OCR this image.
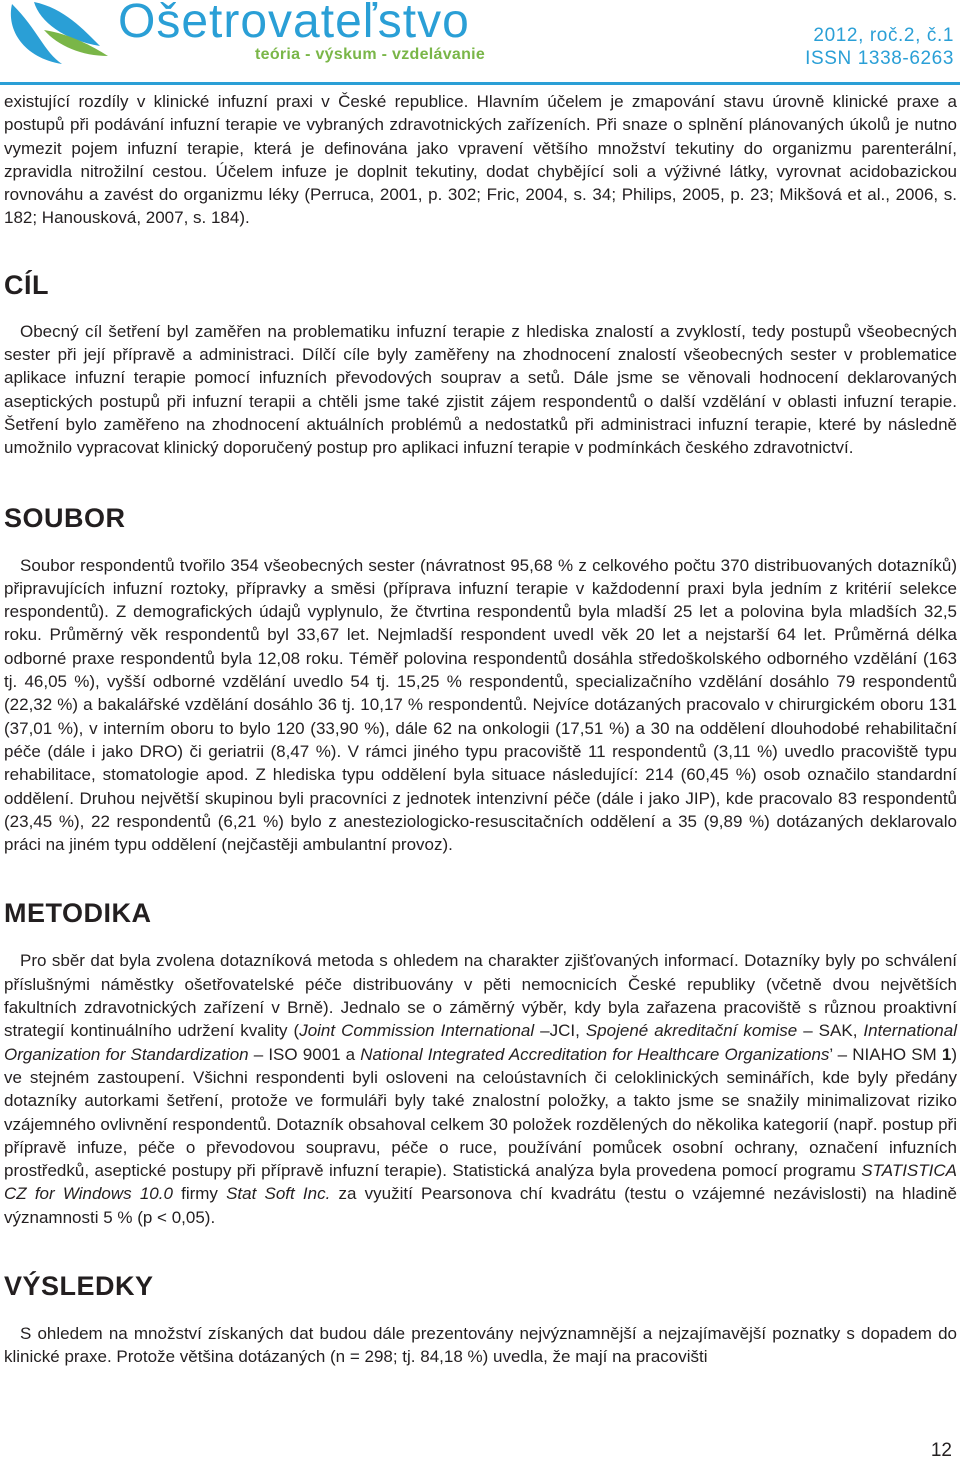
Ošetrovateľstvo
teória - výskum - vzdelávanie
2012, roč.2, č.1
ISSN 1338-6263

existující rozdíly v klinické infuzní praxi v České republice. Hlavním účelem je zmapování stavu úrovně klinické praxe a postupů při podávání infuzní terapie ve vybraných zdravotnických zařízeních. Při snaze o splnění plánovaných úkolů je nutno vymezit pojem infuzní terapie, která je definována jako vpravení většího množství tekutiny do organizmu parenterální, zpravidla nitrožilní cestou. Účelem infuze je doplnit tekutiny, dodat chybějící soli a výživné látky, vyrovnat acidobazickou rovnováhu a zavést do organizmu léky (Perruca, 2001, p. 302; Fric, 2004, s. 34; Philips, 2005, p. 23; Mikšová et al., 2006, s. 182; Hanousková, 2007, s. 184).

CÍL

Obecný cíl šetření byl zaměřen na problematiku infuzní terapie z hlediska znalostí a zvyklostí, tedy postupů všeobecných sester při její přípravě a administraci. Dílčí cíle byly zaměřeny na zhodnocení znalostí všeobecných sester v problematice aplikace infuzní terapie pomocí infuzních převodových souprav a setů. Dále jsme se věnovali hodnocení deklarovaných aseptických postupů při infuzní terapii a chtěli jsme také zjistit zájem respondentů o další vzdělání v oblasti infuzní terapie. Šetření bylo zaměřeno na zhodnocení aktuálních problémů a nedostatků při administraci infuzní terapie, které by následně umožnilo vypracovat klinický doporučený postup pro aplikaci infuzní terapie v podmínkách českého zdravotnictví.

SOUBOR

Soubor respondentů tvořilo 354 všeobecných sester (návratnost 95,68 % z celkového počtu 370 distribuovaných dotazníků) připravujících infuzní roztoky, přípravky a směsi (příprava infuzní terapie v každodenní praxi byla jedním z kritérií selekce respondentů). Z demografických údajů vyplynulo, že čtvrtina respondentů byla mladší 25 let a polovina byla mladších 32,5 roku. Průměrný věk respondentů byl 33,67 let. Nejmladší respondent uvedl věk 20 let a nejstarší 64 let. Průměrná délka odborné praxe respondentů byla 12,08 roku. Téměř polovina respondentů dosáhla středoškolského odborného vzdělání (163 tj. 46,05 %), vyšší odborné vzdělání uvedlo 54 tj. 15,25 % respondentů, specializačního vzdělání dosáhlo 79 respondentů (22,32 %) a bakalářské vzdělání dosáhlo 36 tj. 10,17 % respondentů. Nejvíce dotázaných pracovalo v chirurgickém oboru 131 (37,01 %), v interním oboru to bylo 120 (33,90 %), dále 62 na onkologii (17,51 %) a 30 na oddělení dlouhodobé rehabilitační péče (dále i jako DRO) či geriatrii (8,47 %). V rámci jiného typu pracoviště 11 respondentů (3,11 %) uvedlo pracoviště typu rehabilitace, stomatologie apod. Z hlediska typu oddělení byla situace následující: 214 (60,45 %) osob označilo standardní oddělení. Druhou největší skupinou byli pracovníci z jednotek intenzivní péče (dále i jako JIP), kde pracovalo 83 respondentů (23,45 %), 22 respondentů (6,21 %) bylo z anesteziologicko-resuscitačních oddělení a 35 (9,89 %) dotázaných deklarovalo práci na jiném typu oddělení (nejčastěji ambulantní provoz).

METODIKA

Pro sběr dat byla zvolena dotazníková metoda s ohledem na charakter zjišťovaných informací. Dotazníky byly po schválení příslušnými náměstky ošetřovatelské péče distribuovány v pěti nemocnicích České republiky (včetně dvou největších fakultních zdravotnických zařízení v Brně). Jednalo se o záměrný výběr, kdy byla zařazena pracoviště s různou proaktivní strategií kontinuálního udržení kvality (Joint Commission International –JCI, Spojené akreditační komise – SAK, International Organization for Standardization – ISO 9001 a National Integrated Accreditation for Healthcare Organizations’ – NIAHO SM 1) ve stejném zastoupení. Všichni respondenti byli osloveni na celoústavních či celoklinických seminářích, kde byly předány dotazníky autorkami šetření, protože ve formuláři byly také znalostní položky, a takto jsme se snažily minimalizovat riziko vzájemného ovlivnění respondentů. Dotazník obsahoval celkem 30 položek rozdělených do několika kategorií (např. postup při přípravě infuze, péče o převodovou soupravu, péče o ruce, používání pomůcek osobní ochrany, označení infuzních prostředků, aseptické postupy při přípravě infuzní terapie). Statistická analýza byla provedena pomocí programu STATISTICA CZ for Windows 10.0 firmy Stat Soft Inc. za využití Pearsonova chí kvadrátu (testu o vzájemné nezávislosti) na hladině významnosti 5 % (p < 0,05).

VÝSLEDKY

S ohledem na množství získaných dat budou dále prezentovány nejvýznamnější a nejzajímavější poznatky s dopadem do klinické praxe. Protože většina dotázaných (n = 298; tj. 84,18 %) uvedla, že mají na pracovišti

12
